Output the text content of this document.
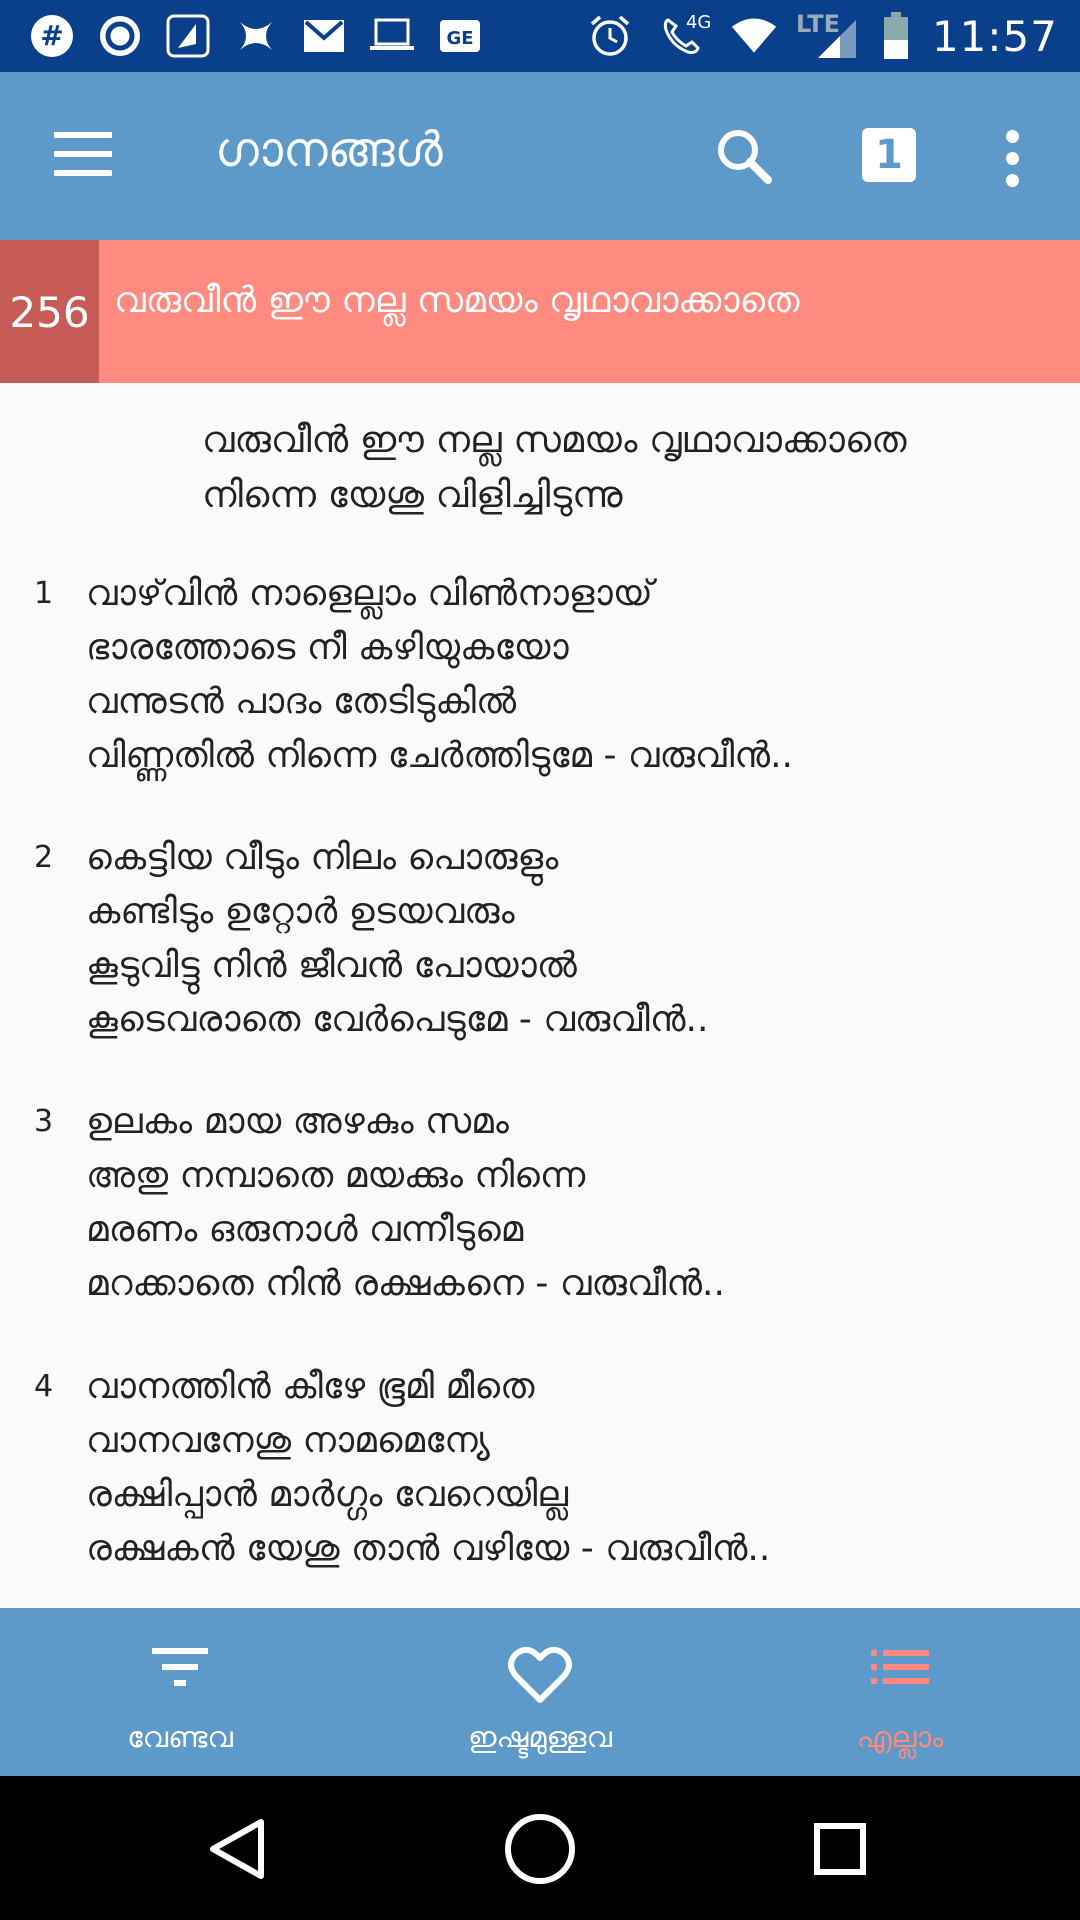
#	GE
4G	LTE 11:57
ഗാനങ്ങൾ	1
256 വരുവീൻ ഈ നല്ല സമയം വൃഥാവാക്കാതെ
വരുവീൻ ഈ നല്ല സമയം വൃഥാവാക്കാതെ
നിന്നെ യേശു വിളിച്ചിടുന്നു
1 വാഴ്‌വിൻ നാളെല്ലാം വിൺനാളായ്
ഭാരത്തോടെ നീ കഴിയുകയോ
വന്നുടൻ പാദം തേടിടുകിൽ
വിണ്ണതിൽ നിന്നെ ചേർത്തിടുമേ - വരുവീൻ..
2 കെട്ടിയ വീടും നിലം പൊരുളും
കണ്ടിടും ഉറ്റോർ ഉടയവരും
കൂടുവിട്ടു നിൻ ജീവൻ പോയാൽ
കൂടെവരാതെ വേർപെടുമേ - വരുവീൻ..
3 ഉലകം മായ അഴകും സമം
അതു നമ്പാതെ മയക്കും നിന്നെ
മരണം ഒരുനാൾ വന്നീടുമെ
മറക്കാതെ നിൻ രക്ഷകനെ - വരുവീൻ..
4 വാനത്തിൻ കീഴേ ഭൂമി മീതെ
വാനവനേശു നാമമെന്യേ
രക്ഷിപ്പാൻ മാർഗ്ഗം വേറെയില്ല
രക്ഷകൻ യേശു താൻ വഴിയേ - വരുവീൻ..
വേണ്ടവ	ഇഷ്ടമുള്ളവ	എല്ലാം
